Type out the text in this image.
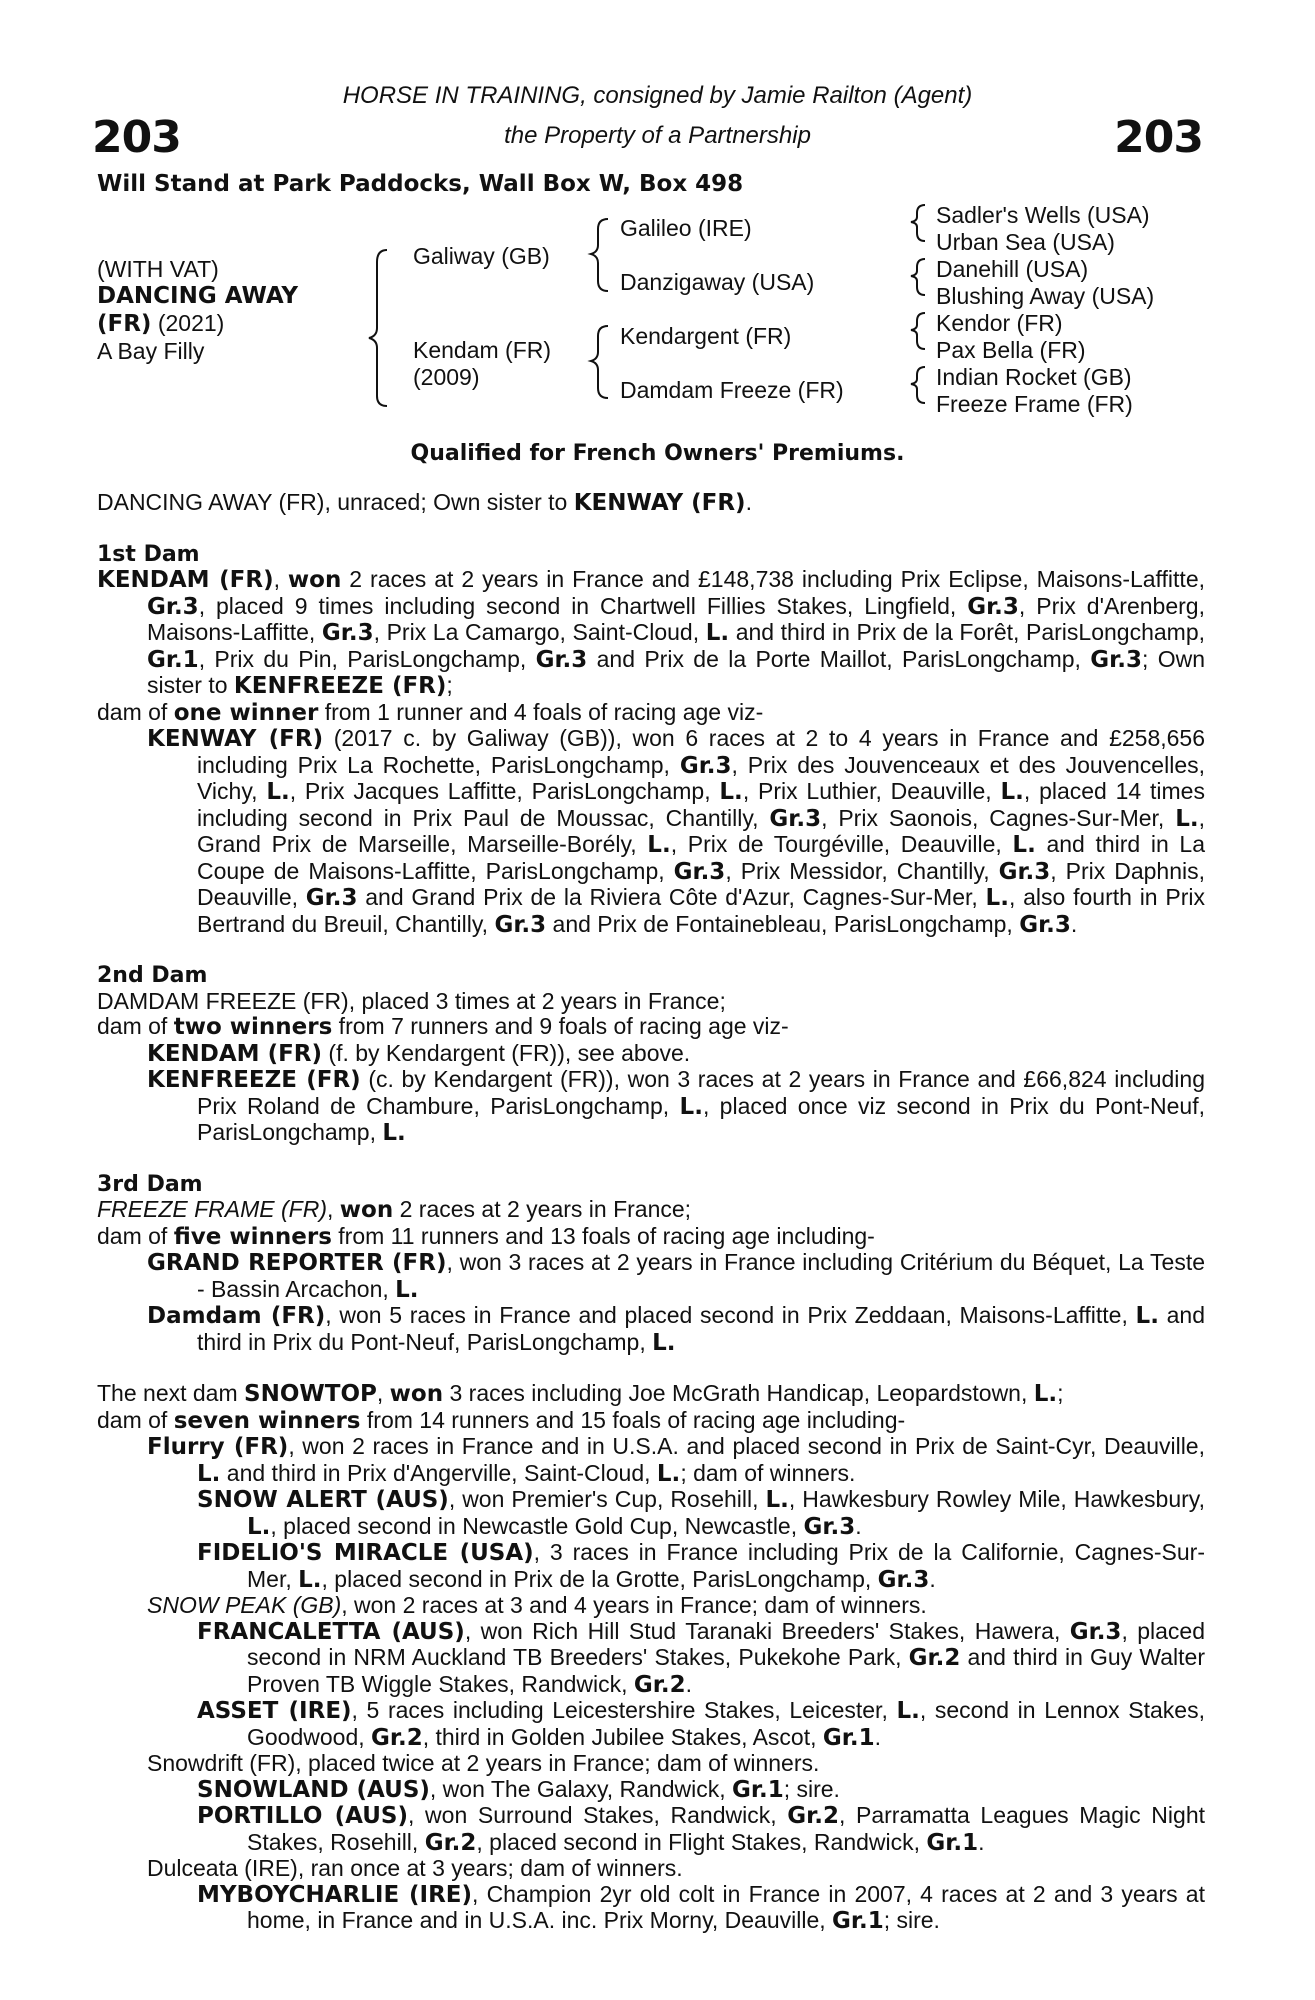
203	203
HORSE IN TRAINING, consigned by Jamie Railton (Agent)
the Property of a Partnership
Will Stand at Park Paddocks, Wall Box W, Box 498
(WITH VAT)
DANCING AWAY
(FR) (2021)
A Bay Filly
Galiway (GB)
Kendam (FR)
(2009)
Galileo (IRE)
Danzigaway (USA)
Kendargent (FR)
Damdam Freeze (FR)
Sadler's Wells (USA)
Urban Sea (USA)
Danehill (USA)
Blushing Away (USA)
Kendor (FR)
Pax Bella (FR)
Indian Rocket (GB)
Freeze Frame (FR)
Qualified for French Owners' Premiums.

DANCING AWAY (FR), unraced; Own sister to KENWAY (FR).

1st Dam

KENDAM (FR), won 2 races at 2 years in France and £148,738 including Prix Eclipse, Maisons-Laffitte, Gr.3, placed 9 times including second in Chartwell Fillies Stakes, Lingfield, Gr.3, Prix d'Arenberg, Maisons-Laffitte, Gr.3, Prix La Camargo, Saint-Cloud, L. and third in Prix de la Forêt, ParisLongchamp, Gr.1, Prix du Pin, ParisLongchamp, Gr.3 and Prix de la Porte Maillot, ParisLongchamp, Gr.3; Own sister to KENFREEZE (FR);

dam of one winner from 1 runner and 4 foals of racing age viz-

KENWAY (FR) (2017 c. by Galiway (GB)), won 6 races at 2 to 4 years in France and £258,656 including Prix La Rochette, ParisLongchamp, Gr.3, Prix des Jouvenceaux et des Jouvencelles, Vichy, L., Prix Jacques Laffitte, ParisLongchamp, L., Prix Luthier, Deauville, L., placed 14 times including second in Prix Paul de Moussac, Chantilly, Gr.3, Prix Saonois, Cagnes-Sur-Mer, L., Grand Prix de Marseille, Marseille-Borély, L., Prix de Tourgéville, Deauville, L. and third in La Coupe de Maisons-Laffitte, ParisLongchamp, Gr.3, Prix Messidor, Chantilly, Gr.3, Prix Daphnis, Deauville, Gr.3 and Grand Prix de la Riviera Côte d'Azur, Cagnes-Sur-Mer, L., also fourth in Prix Bertrand du Breuil, Chantilly, Gr.3 and Prix de Fontainebleau, ParisLongchamp, Gr.3.

2nd Dam

DAMDAM FREEZE (FR), placed 3 times at 2 years in France;

dam of two winners from 7 runners and 9 foals of racing age viz-

KENDAM (FR) (f. by Kendargent (FR)), see above.

KENFREEZE (FR) (c. by Kendargent (FR)), won 3 races at 2 years in France and £66,824 including Prix Roland de Chambure, ParisLongchamp, L., placed once viz second in Prix du Pont-Neuf, ParisLongchamp, L.

3rd Dam

FREEZE FRAME (FR), won 2 races at 2 years in France;

dam of five winners from 11 runners and 13 foals of racing age including-

GRAND REPORTER (FR), won 3 races at 2 years in France including Critérium du Béquet, La Teste - Bassin Arcachon, L.

Damdam (FR), won 5 races in France and placed second in Prix Zeddaan, Maisons-Laffitte, L. and third in Prix du Pont-Neuf, ParisLongchamp, L.

The next dam SNOWTOP, won 3 races including Joe McGrath Handicap, Leopardstown, L.;

dam of seven winners from 14 runners and 15 foals of racing age including-

Flurry (FR), won 2 races in France and in U.S.A. and placed second in Prix de Saint-Cyr, Deauville, L. and third in Prix d'Angerville, Saint-Cloud, L.; dam of winners.

SNOW ALERT (AUS), won Premier's Cup, Rosehill, L., Hawkesbury Rowley Mile, Hawkesbury, L., placed second in Newcastle Gold Cup, Newcastle, Gr.3.

FIDELIO'S MIRACLE (USA), 3 races in France including Prix de la Californie, Cagnes-Sur-Mer, L., placed second in Prix de la Grotte, ParisLongchamp, Gr.3.

SNOW PEAK (GB), won 2 races at 3 and 4 years in France; dam of winners.

FRANCALETTA (AUS), won Rich Hill Stud Taranaki Breeders' Stakes, Hawera, Gr.3, placed second in NRM Auckland TB Breeders' Stakes, Pukekohe Park, Gr.2 and third in Guy Walter Proven TB Wiggle Stakes, Randwick, Gr.2.

ASSET (IRE), 5 races including Leicestershire Stakes, Leicester, L., second in Lennox Stakes, Goodwood, Gr.2, third in Golden Jubilee Stakes, Ascot, Gr.1.

Snowdrift (FR), placed twice at 2 years in France; dam of winners.

SNOWLAND (AUS), won The Galaxy, Randwick, Gr.1; sire.

PORTILLO (AUS), won Surround Stakes, Randwick, Gr.2, Parramatta Leagues Magic Night Stakes, Rosehill, Gr.2, placed second in Flight Stakes, Randwick, Gr.1.

Dulceata (IRE), ran once at 3 years; dam of winners.

MYBOYCHARLIE (IRE), Champion 2yr old colt in France in 2007, 4 races at 2 and 3 years at home, in France and in U.S.A. inc. Prix Morny, Deauville, Gr.1; sire.
